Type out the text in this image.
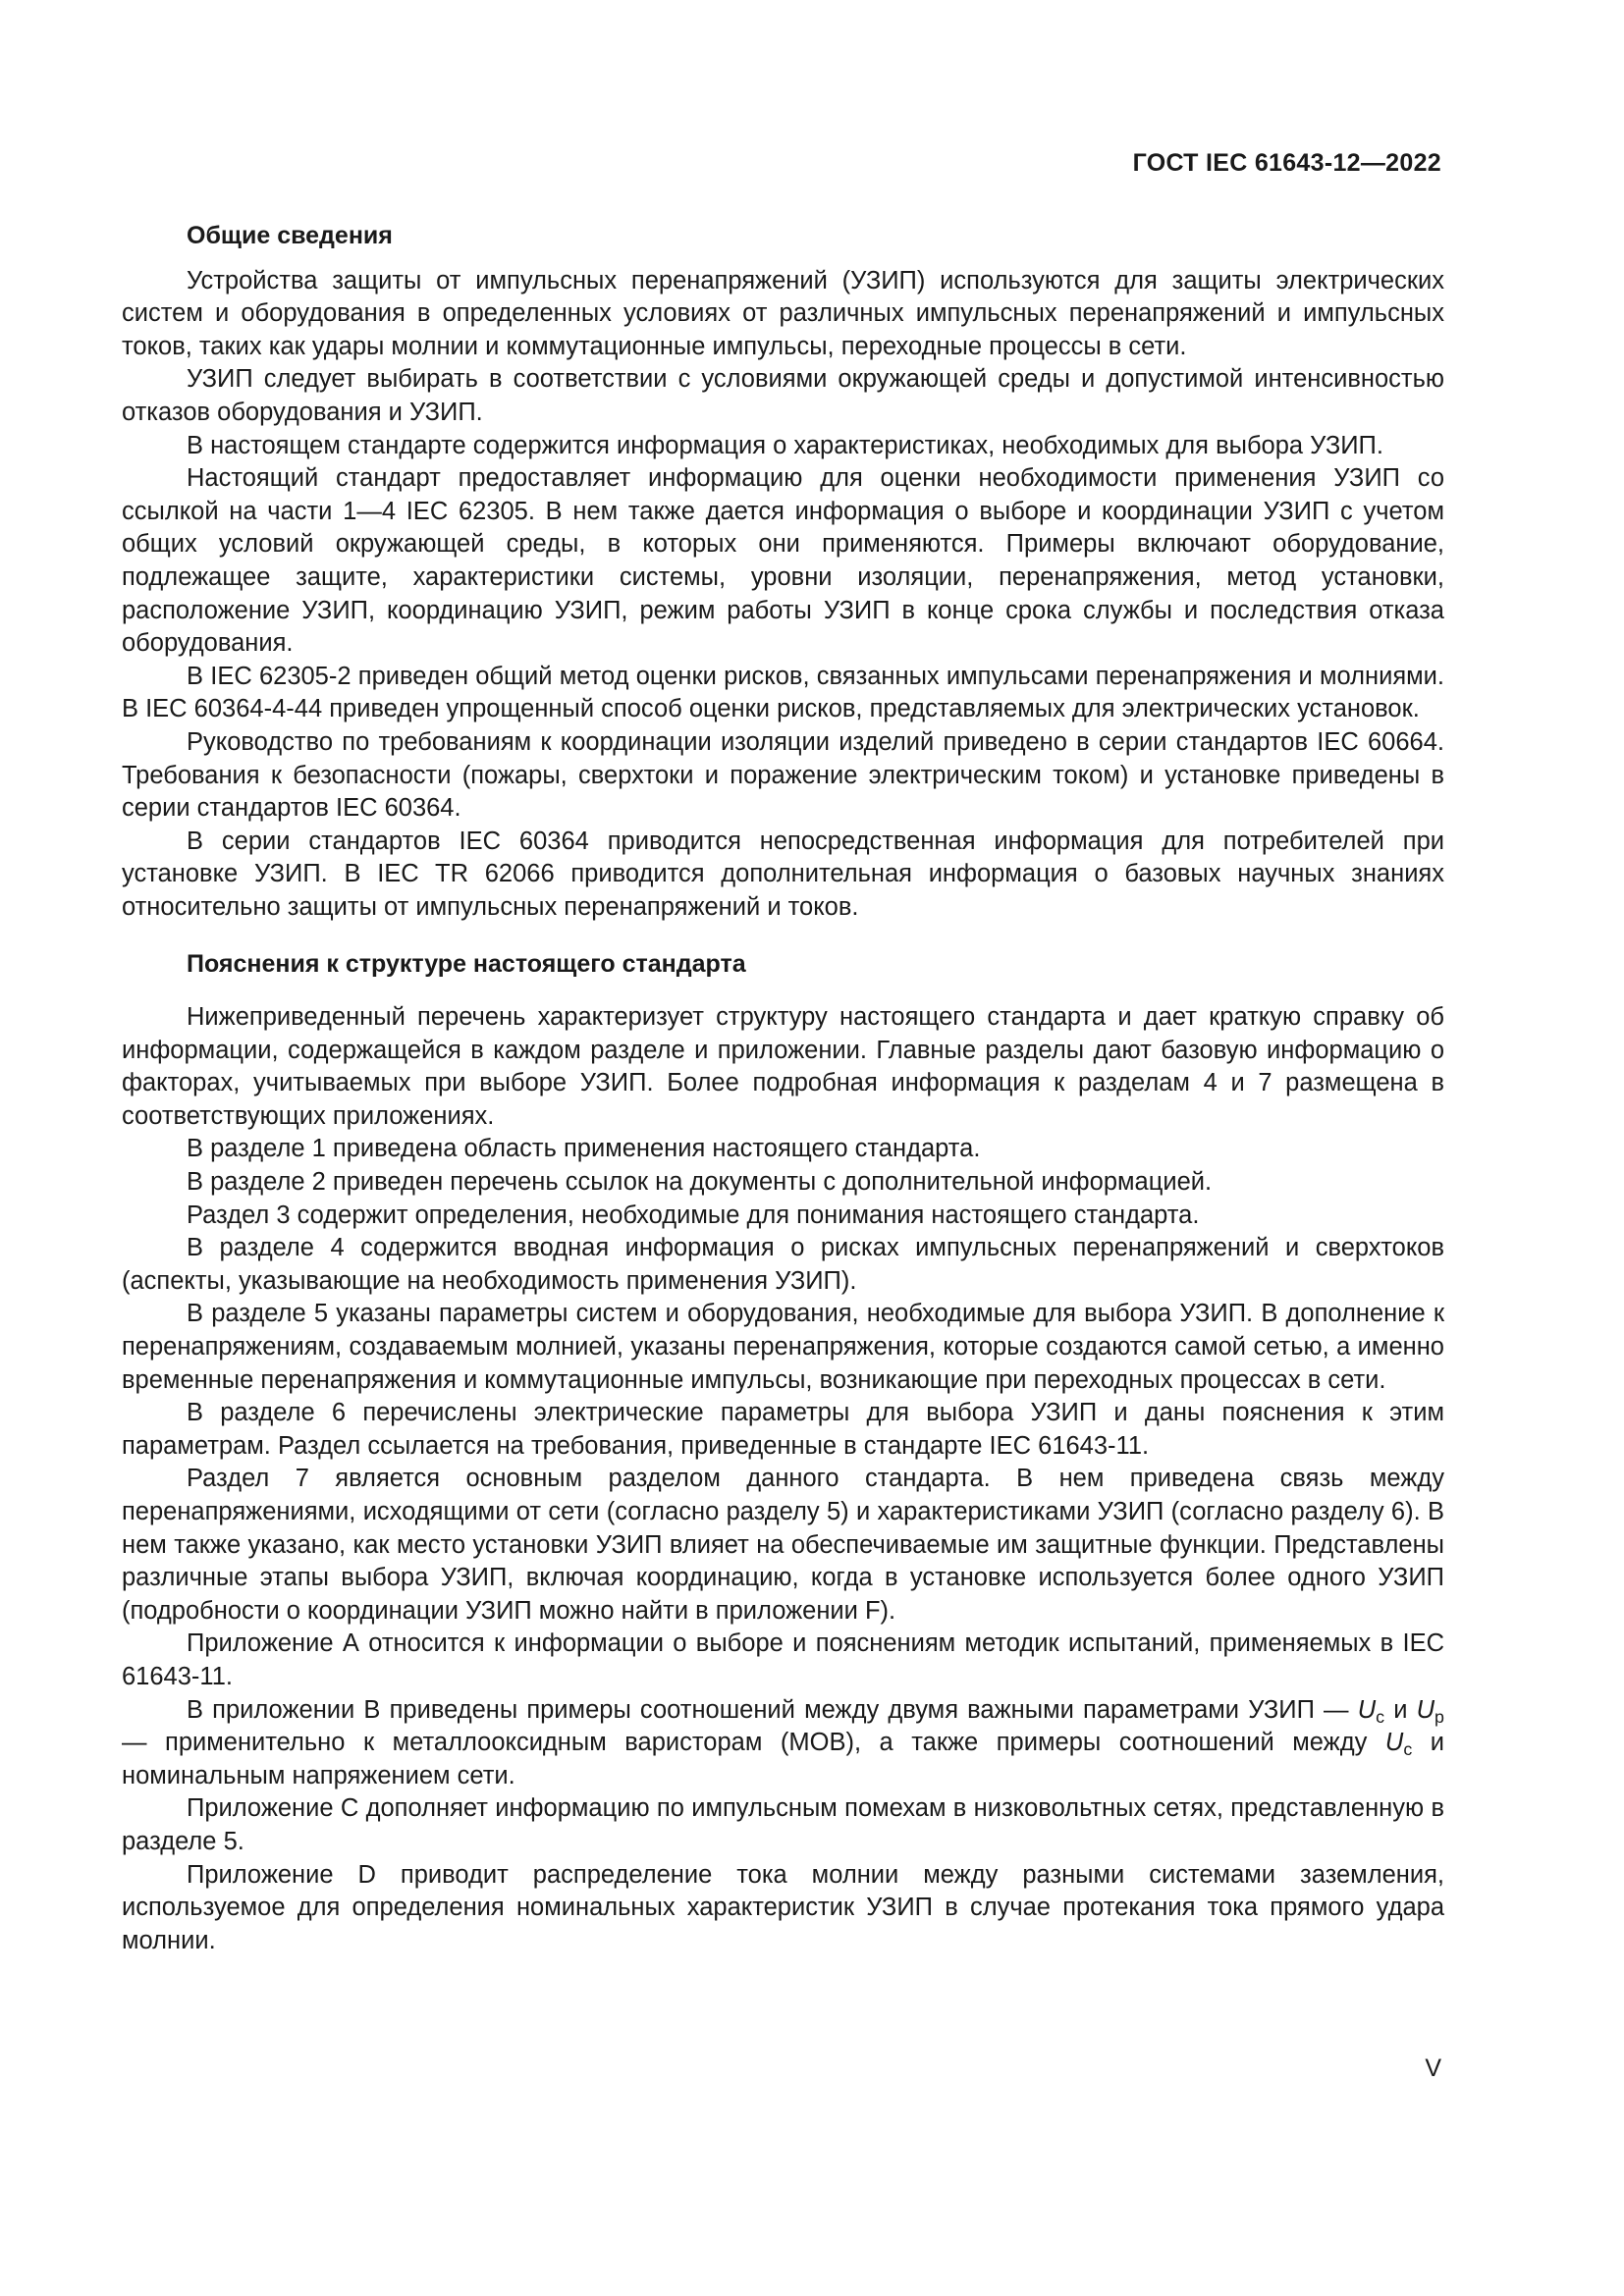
ГОСТ IEC 61643-12—2022
Общие сведения

Устройства защиты от импульсных перенапряжений (УЗИП) используются для защиты электрических систем и оборудования в определенных условиях от различных импульсных перенапряжений и импульсных токов, таких как удары молнии и коммутационные импульсы, переходные процессы в сети.

УЗИП следует выбирать в соответствии с условиями окружающей среды и допустимой интенсивностью отказов оборудования и УЗИП.

В настоящем стандарте содержится информация о характеристиках, необходимых для выбора УЗИП.

Настоящий стандарт предоставляет информацию для оценки необходимости применения УЗИП со ссылкой на части 1—4 IEC 62305. В нем также дается информация о выборе и координации УЗИП с учетом общих условий окружающей среды, в которых они применяются. Примеры включают оборудование, подлежащее защите, характеристики системы, уровни изоляции, перенапряжения, метод установки, расположение УЗИП, координацию УЗИП, режим работы УЗИП в конце срока службы и последствия отказа оборудования.

В IEC 62305-2 приведен общий метод оценки рисков, связанных импульсами перенапряжения и молниями. В IEC 60364-4-44 приведен упрощенный способ оценки рисков, представляемых для электрических установок.

Руководство по требованиям к координации изоляции изделий приведено в серии стандартов IEC 60664. Требования к безопасности (пожары, сверхтоки и поражение электрическим током) и установке приведены в серии стандартов IEC 60364.

В серии стандартов IEC 60364 приводится непосредственная информация для потребителей при установке УЗИП. В IEC TR 62066 приводится дополнительная информация о базовых научных знаниях относительно защиты от импульсных перенапряжений и токов.

Пояснения к структуре настоящего стандарта

Нижеприведенный перечень характеризует структуру настоящего стандарта и дает краткую справку об информации, содержащейся в каждом разделе и приложении. Главные разделы дают базовую информацию о факторах, учитываемых при выборе УЗИП. Более подробная информация к разделам 4 и 7 размещена в соответствующих приложениях.

В разделе 1 приведена область применения настоящего стандарта.

В разделе 2 приведен перечень ссылок на документы с дополнительной информацией.

Раздел 3 содержит определения, необходимые для понимания настоящего стандарта.

В разделе 4 содержится вводная информация о рисках импульсных перенапряжений и сверхтоков (аспекты, указывающие на необходимость применения УЗИП).

В разделе 5 указаны параметры систем и оборудования, необходимые для выбора УЗИП. В дополнение к перенапряжениям, создаваемым молнией, указаны перенапряжения, которые создаются самой сетью, а именно временные перенапряжения и коммутационные импульсы, возникающие при переходных процессах в сети.

В разделе 6 перечислены электрические параметры для выбора УЗИП и даны пояснения к этим параметрам. Раздел ссылается на требования, приведенные в стандарте IEC 61643-11.

Раздел 7 является основным разделом данного стандарта. В нем приведена связь между перенапряжениями, исходящими от сети (согласно разделу 5) и характеристиками УЗИП (согласно разделу 6). В нем также указано, как место установки УЗИП влияет на обеспечиваемые им защитные функции. Представлены различные этапы выбора УЗИП, включая координацию, когда в установке используется более одного УЗИП (подробности о координации УЗИП можно найти в приложении F).

Приложение А относится к информации о выборе и пояснениям методик испытаний, применяемых в IEC 61643-11.

В приложении В приведены примеры соотношений между двумя важными параметрами УЗИП — $U_c$ и $U_p$ — применительно к металлооксидным варисторам (МОВ), а также примеры соотношений между $U_c$ и номинальным напряжением сети.

Приложение С дополняет информацию по импульсным помехам в низковольтных сетях, представленную в разделе 5.

Приложение D приводит распределение тока молнии между разными системами заземления, используемое для определения номинальных характеристик УЗИП в случае протекания тока прямого удара молнии.

V
